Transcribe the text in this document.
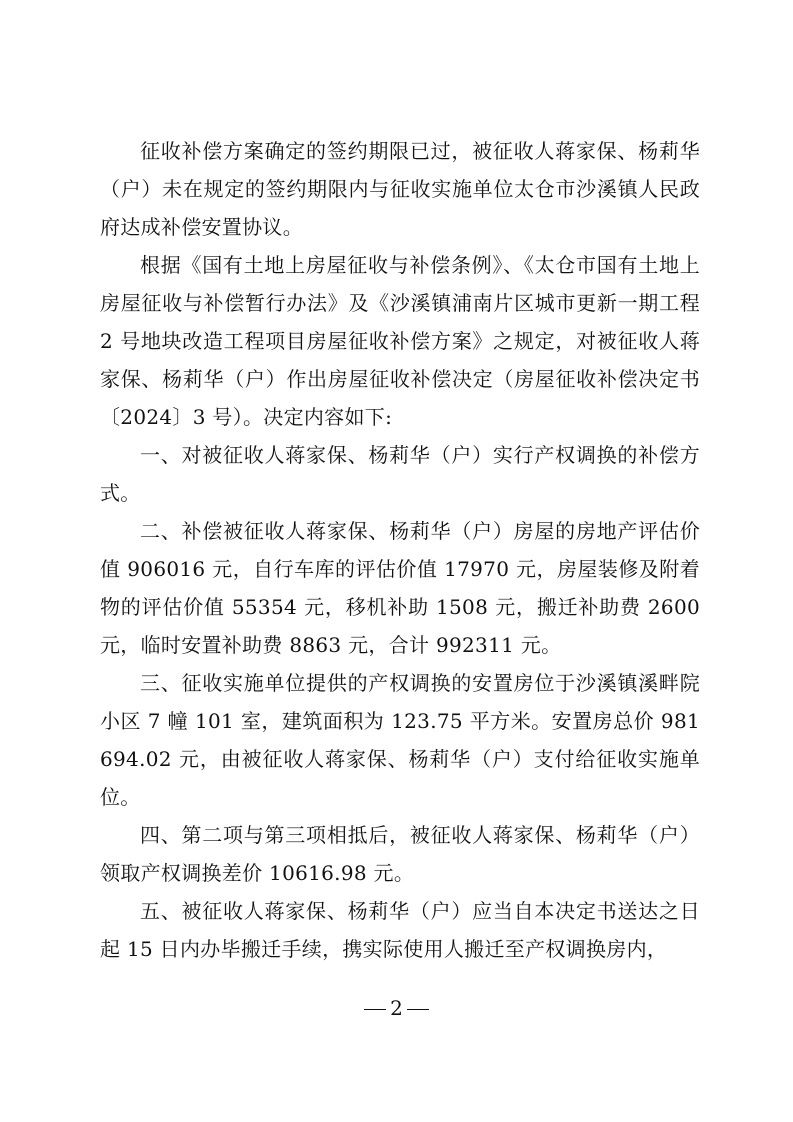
征收补偿方案确定的签约期限已过，被征收人蒋家保、杨莉华（户）未在规定的签约期限内与征收实施单位太仓市沙溪镇人民政府达成补偿安置协议。

根据《国有土地上房屋征收与补偿条例》、《太仓市国有土地上房屋征收与补偿暂行办法》及《沙溪镇浦南片区城市更新一期工程 2 号地块改造工程项目房屋征收补偿方案》之规定，对被征收人蒋家保、杨莉华（户）作出房屋征收补偿决定（房屋征收补偿决定书〔2024〕3 号）。决定内容如下:

一、对被征收人蒋家保、杨莉华（户）实行产权调换的补偿方式。

二、补偿被征收人蒋家保、杨莉华（户）房屋的房地产评估价值 906016 元，自行车库的评估价值 17970 元，房屋装修及附着物的评估价值 55354 元，移机补助 1508 元，搬迁补助费 2600 元，临时安置补助费 8863 元，合计 992311 元。

三、征收实施单位提供的产权调换的安置房位于沙溪镇溪畔院小区 7 幢 101 室，建筑面积为 123.75 平方米。安置房总价 981694.02 元，由被征收人蒋家保、杨莉华（户）支付给征收实施单位。

四、第二项与第三项相抵后，被征收人蒋家保、杨莉华（户）领取产权调换差价 10616.98 元。

五、被征收人蒋家保、杨莉华（户）应当自本决定书送达之日起 15 日内办毕搬迁手续，携实际使用人搬迁至产权调换房内，

2
